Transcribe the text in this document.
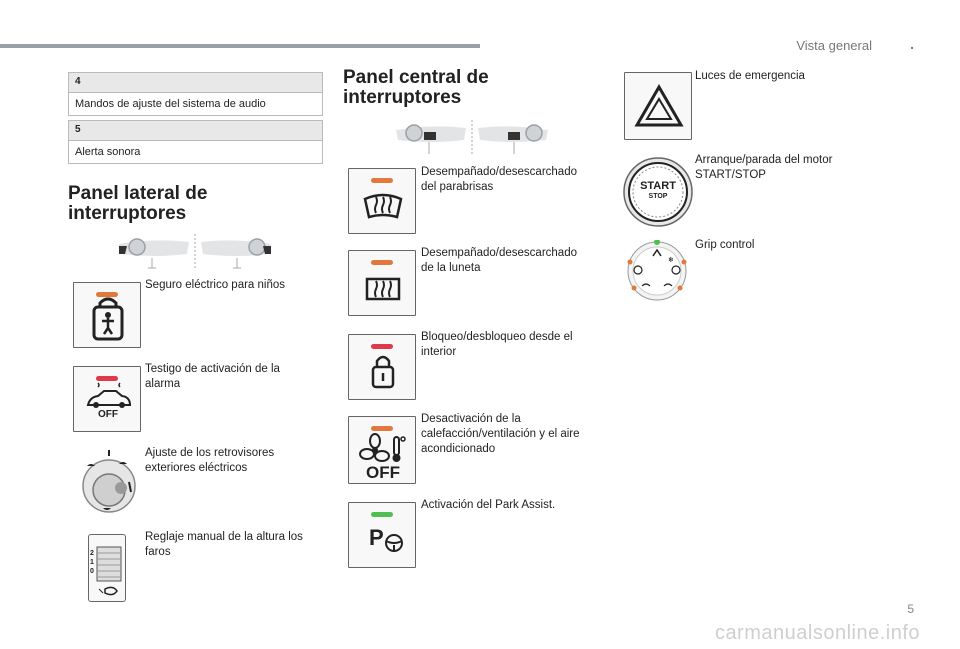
Vista general	.
4
Mandos de ajuste del sistema de audio
5
Alerta sonora
Panel lateral de
interruptores
Seguro eléctrico para niños
OFF
Testigo de activación de la
alarma
Ajuste de los retrovisores
exteriores eléctricos
2
1
0
Reglaje manual de la altura los
faros
Panel central de
interruptores
Desempañado/desescarchado
del parabrisas
Desempañado/desescarchado
de la luneta
Bloqueo/desbloqueo desde el
interior
OFF
Desactivación de la
calefacción/ventilación y el aire
acondicionado
P
Activación del Park Assist.
Luces de emergencia
START
STOP
Arranque/parada del motor
START/STOP
❄
Grip control
5
carmanualsonline.info
